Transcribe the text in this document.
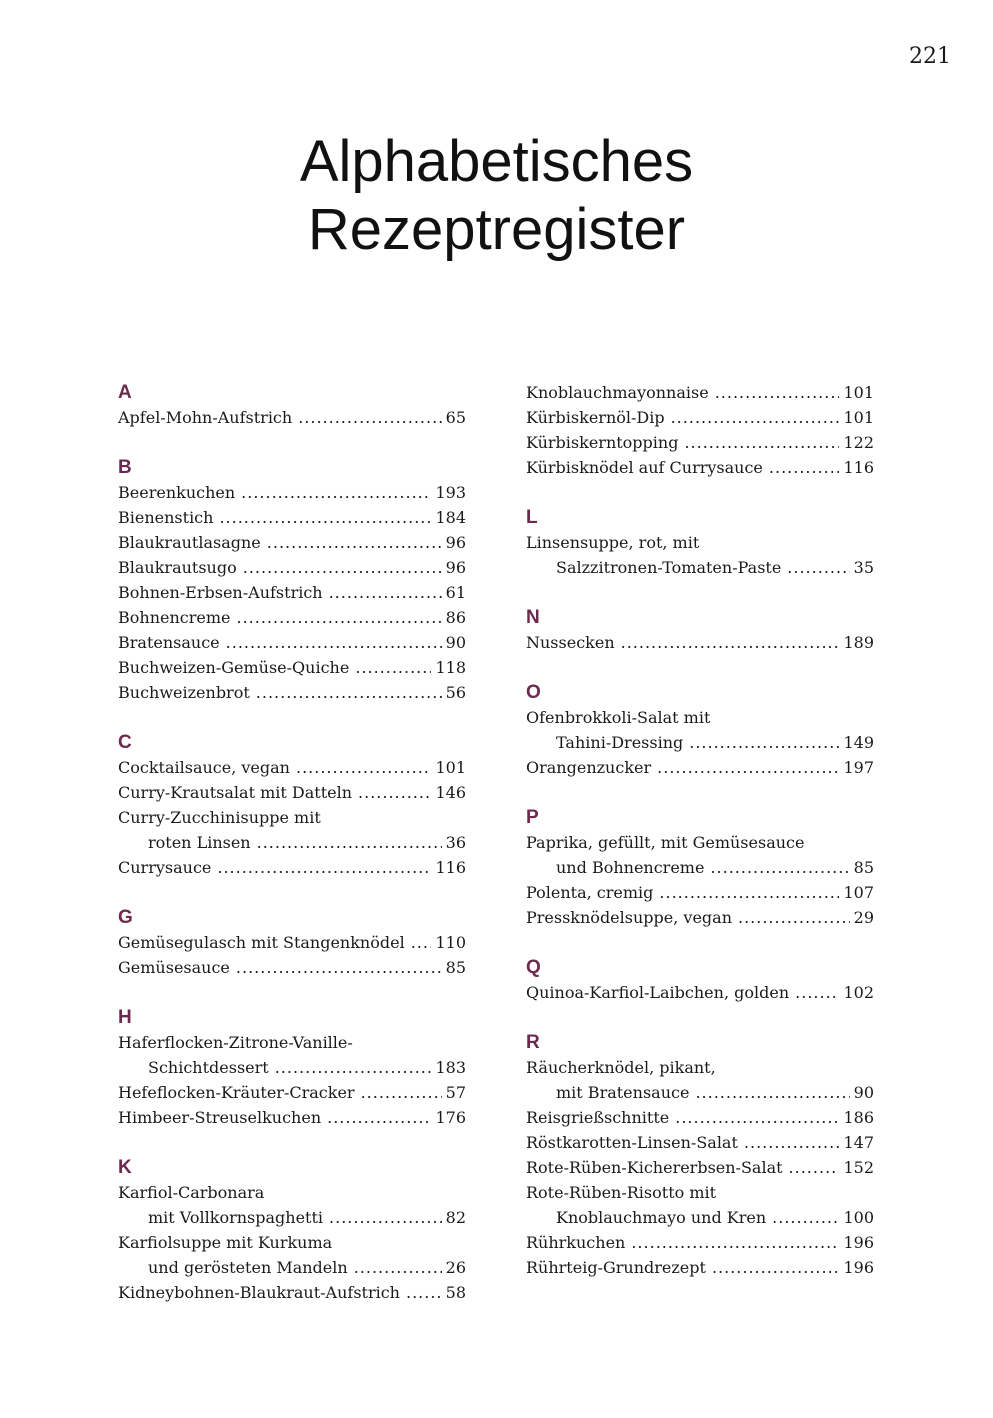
221
Alphabetisches
Rezeptregister
A
Apfel-Mohn-Aufstrich .....	65
B
Beerenkuchen .....	193
Bienenstich .....	184
Blaukrautlasagne .....	96
Blaukrautsugo .....	96
Bohnen-Erbsen-Aufstrich .....	61
Bohnencreme .....	86
Bratensauce .....	90
Buchweizen-Gemüse-Quiche .....	118
Buchweizenbrot .....	56
C
Cocktailsauce, vegan .....	101
Curry-Krautsalat mit Datteln .....	146
Curry-Zucchinisuppe mit
roten Linsen .....	36
Currysauce .....	116
G
Gemüsegulasch mit Stangenknödel ..... 110
Gemüsesauce .....	85
H
Haferflocken-Zitrone-Vanille-
Schichtdessert .....	183
Hefeflocken-Kräuter-Cracker .....	57
Himbeer-Streuselkuchen .....	176
K
Karfiol-Carbonara
mit Vollkornspaghetti .....	82
Karfiolsuppe mit Kurkuma
und gerösteten Mandeln .....	26
Kidneybohnen-Blaukraut-Aufstrich .....	58
Knoblauchmayonnaise .....	101
Kürbiskernöl-Dip .....	101
Kürbiskerntopping .....	122
Kürbisknödel auf Currysauce .....	116
L
Linsensuppe, rot, mit
Salzzitronen-Tomaten-Paste .....	35
N
Nussecken .....	189
O
Ofenbrokkoli-Salat mit
Tahini-Dressing .....	149
Orangenzucker .....	197
P
Paprika, gefüllt, mit Gemüsesauce
und Bohnencreme .....	85
Polenta, cremig .....	107
Pressknödelsuppe, vegan .....	29
Q
Quinoa-Karfiol-Laibchen, golden .....	102
R
Räucherknödel, pikant,
mit Bratensauce .....	90
Reisgrießschnitte .....	186
Röstkarotten-Linsen-Salat .....	147
Rote-Rüben-Kichererbsen-Salat .....	152
Rote-Rüben-Risotto mit
Knoblauchmayo und Kren .....	100
Rührkuchen .....	196
Rührteig-Grundrezept .....	196
